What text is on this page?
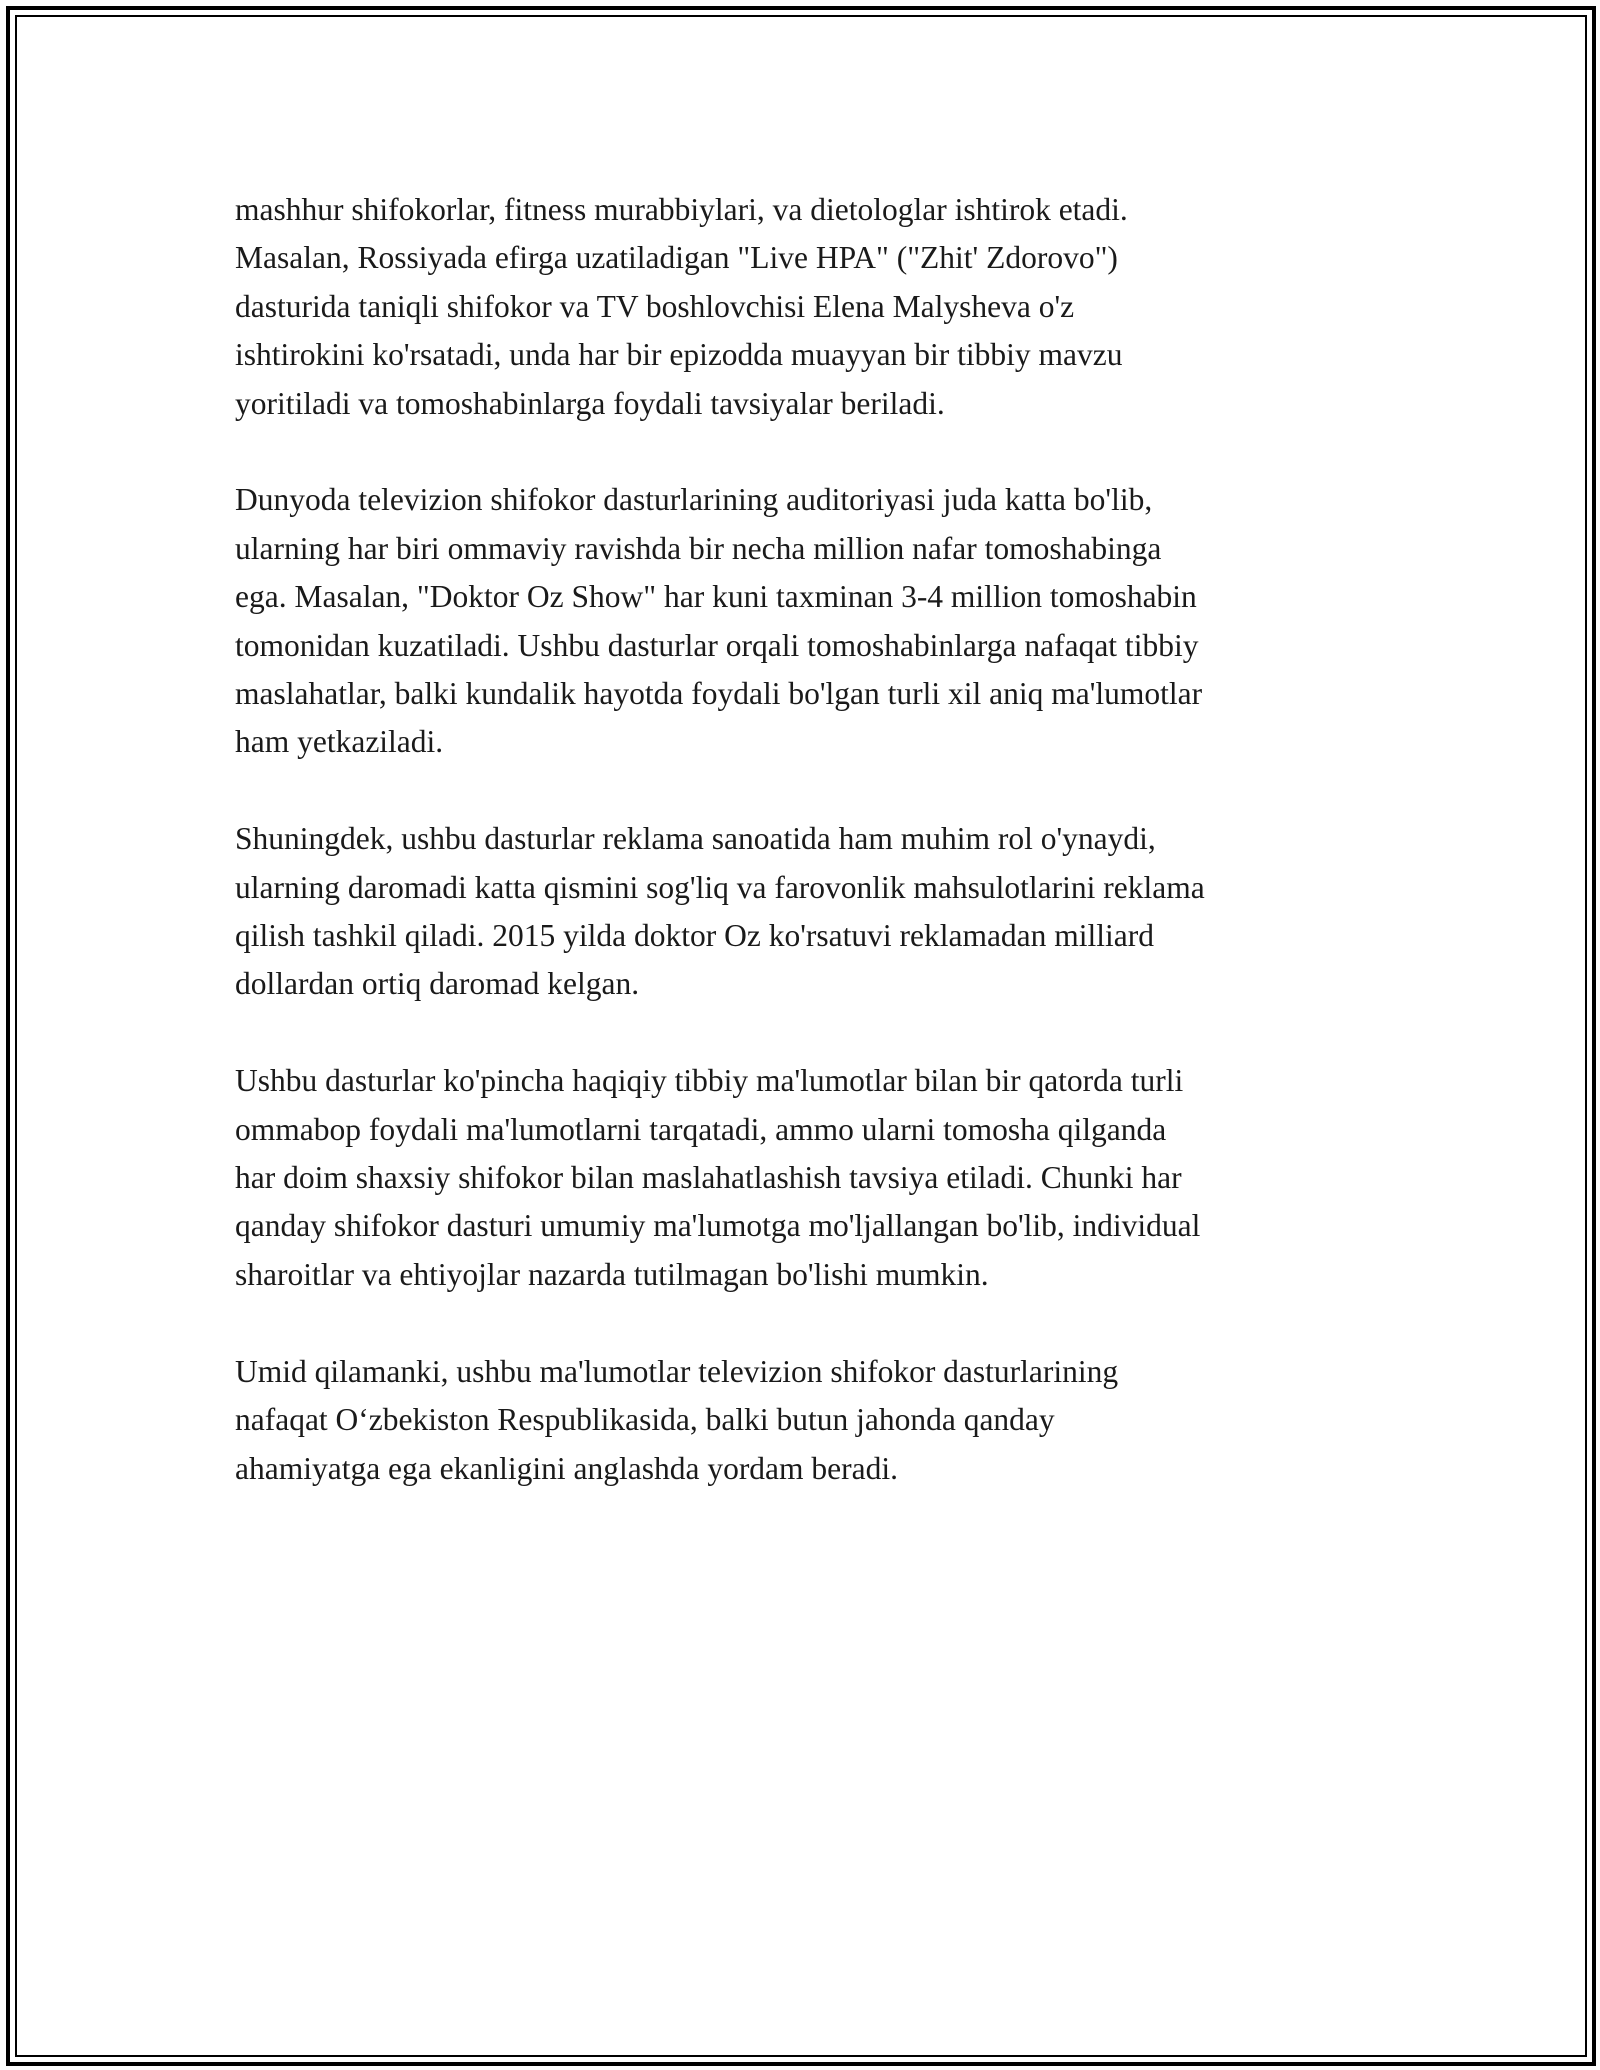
mashhur shifokorlar, fitness murabbiylari, va dietologlar ishtirok etadi.
Masalan, Rossiyada efirga uzatiladigan "Live HPA" ("Zhit' Zdorovo")
dasturida taniqli shifokor va TV boshlovchisi Elena Malysheva o'z
ishtirokini ko'rsatadi, unda har bir epizodda muayyan bir tibbiy mavzu
yoritiladi va tomoshabinlarga foydali tavsiyalar beriladi.

Dunyoda televizion shifokor dasturlarining auditoriyasi juda katta bo'lib,
ularning har biri ommaviy ravishda bir necha million nafar tomoshabinga
ega. Masalan, "Doktor Oz Show" har kuni taxminan 3-4 million tomoshabin
tomonidan kuzatiladi. Ushbu dasturlar orqali tomoshabinlarga nafaqat tibbiy
maslahatlar, balki kundalik hayotda foydali bo'lgan turli xil aniq ma'lumotlar
ham yetkaziladi.

Shuningdek, ushbu dasturlar reklama sanoatida ham muhim rol o'ynaydi,
ularning daromadi katta qismini sog'liq va farovonlik mahsulotlarini reklama
qilish tashkil qiladi. 2015 yilda doktor Oz ko'rsatuvi reklamadan milliard
dollardan ortiq daromad kelgan.

Ushbu dasturlar ko'pincha haqiqiy tibbiy ma'lumotlar bilan bir qatorda turli
ommabop foydali ma'lumotlarni tarqatadi, ammo ularni tomosha qilganda
har doim shaxsiy shifokor bilan maslahatlashish tavsiya etiladi. Chunki har
qanday shifokor dasturi umumiy ma'lumotga mo'ljallangan bo'lib, individual
sharoitlar va ehtiyojlar nazarda tutilmagan bo'lishi mumkin.

Umid qilamanki, ushbu ma'lumotlar televizion shifokor dasturlarining
nafaqat Oʻzbekiston Respublikasida, balki butun jahonda qanday
ahamiyatga ega ekanligini anglashda yordam beradi.
